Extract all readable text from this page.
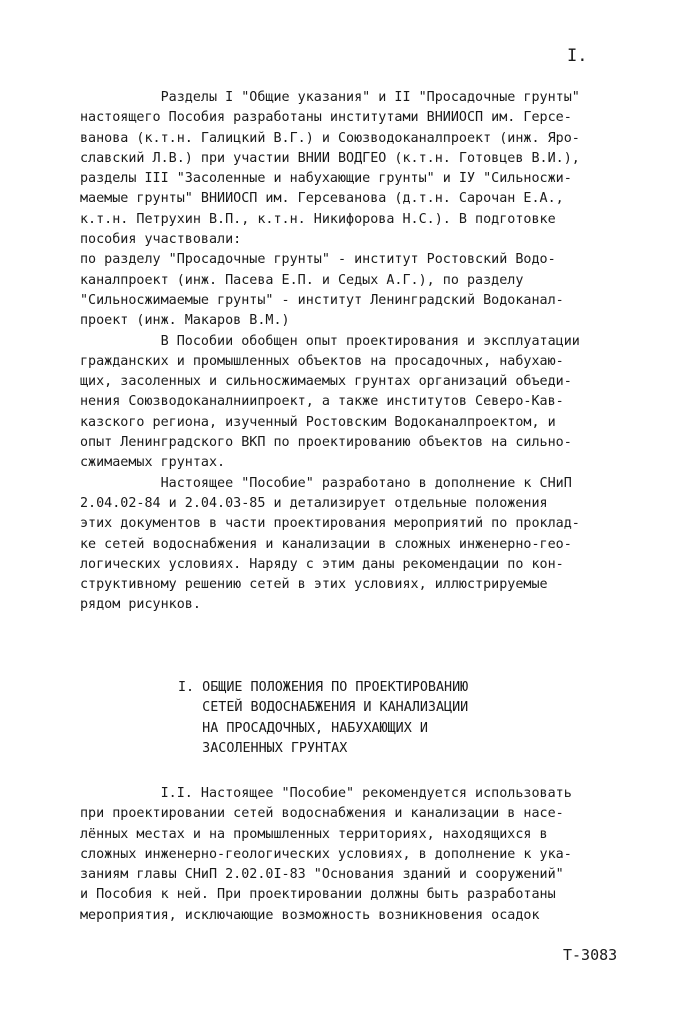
I.
Разделы I "Общие указания" и II "Просадочные грунты"
настоящего Пособия разработаны институтами ВНИИОСП им. Герсе-
ванова (к.т.н. Галицкий В.Г.) и Союзводоканалпроект (инж. Яро-
славский Л.В.) при участии ВНИИ ВОДГЕО (к.т.н. Готовцев В.И.),
разделы III "Засоленные и набухающие грунты" и IУ "Сильносжи-
маемые грунты" ВНИИОСП им. Герсеванова (д.т.н. Сарочан Е.А.,
к.т.н. Петрухин В.П., к.т.н. Никифорова Н.С.). В подготовке
пособия участвовали:
по разделу "Просадочные грунты" - институт Ростовский Водо-
каналпроект (инж. Пасева Е.П. и Седых А.Г.), по разделу
"Сильносжимаемые грунты" - институт Ленинградский Водоканал-
проект (инж. Макаров В.М.)
В Пособии обобщен опыт проектирования и эксплуатации
гражданских и промышленных объектов на просадочных, набухаю-
щих, засоленных и сильносжимаемых грунтах организаций объеди-
нения Союзводоканалниипроект, а также институтов Северо-Кав-
казского региона, изученный Ростовским Водоканалпроектом, и
опыт Ленинградского ВКП по проектированию объектов на сильно-
сжимаемых грунтах.
Настоящее "Пособие" разработано в дополнение к СНиП
2.04.02-84 и 2.04.03-85 и детализирует отдельные положения
этих документов в части проектирования мероприятий по проклад-
ке сетей водоснабжения и канализации в сложных инженерно-гео-
логических условиях. Наряду с этим даны рекомендации по кон-
структивному решению сетей в этих условиях, иллюстрируемые
рядом рисунков.
I. ОБЩИЕ ПОЛОЖЕНИЯ ПО ПРОЕКТИРОВАНИЮ
СЕТЕЙ ВОДОСНАБЖЕНИЯ И КАНАЛИЗАЦИИ
НА ПРОСАДОЧНЫХ, НАБУХАЮЩИХ И
ЗАСОЛЕННЫХ ГРУНТАХ
I.I. Настоящее "Пособие" рекомендуется использовать
при проектировании сетей водоснабжения и канализации в насе-
лённых местах и на промышленных территориях, находящихся в
сложных инженерно-геологических условиях, в дополнение к ука-
заниям главы СНиП 2.02.0I-83 "Основания зданий и сооружений"
и Пособия к ней. При проектировании должны быть разработаны
мероприятия, исключающие возможность возникновения осадок
Т-3083
